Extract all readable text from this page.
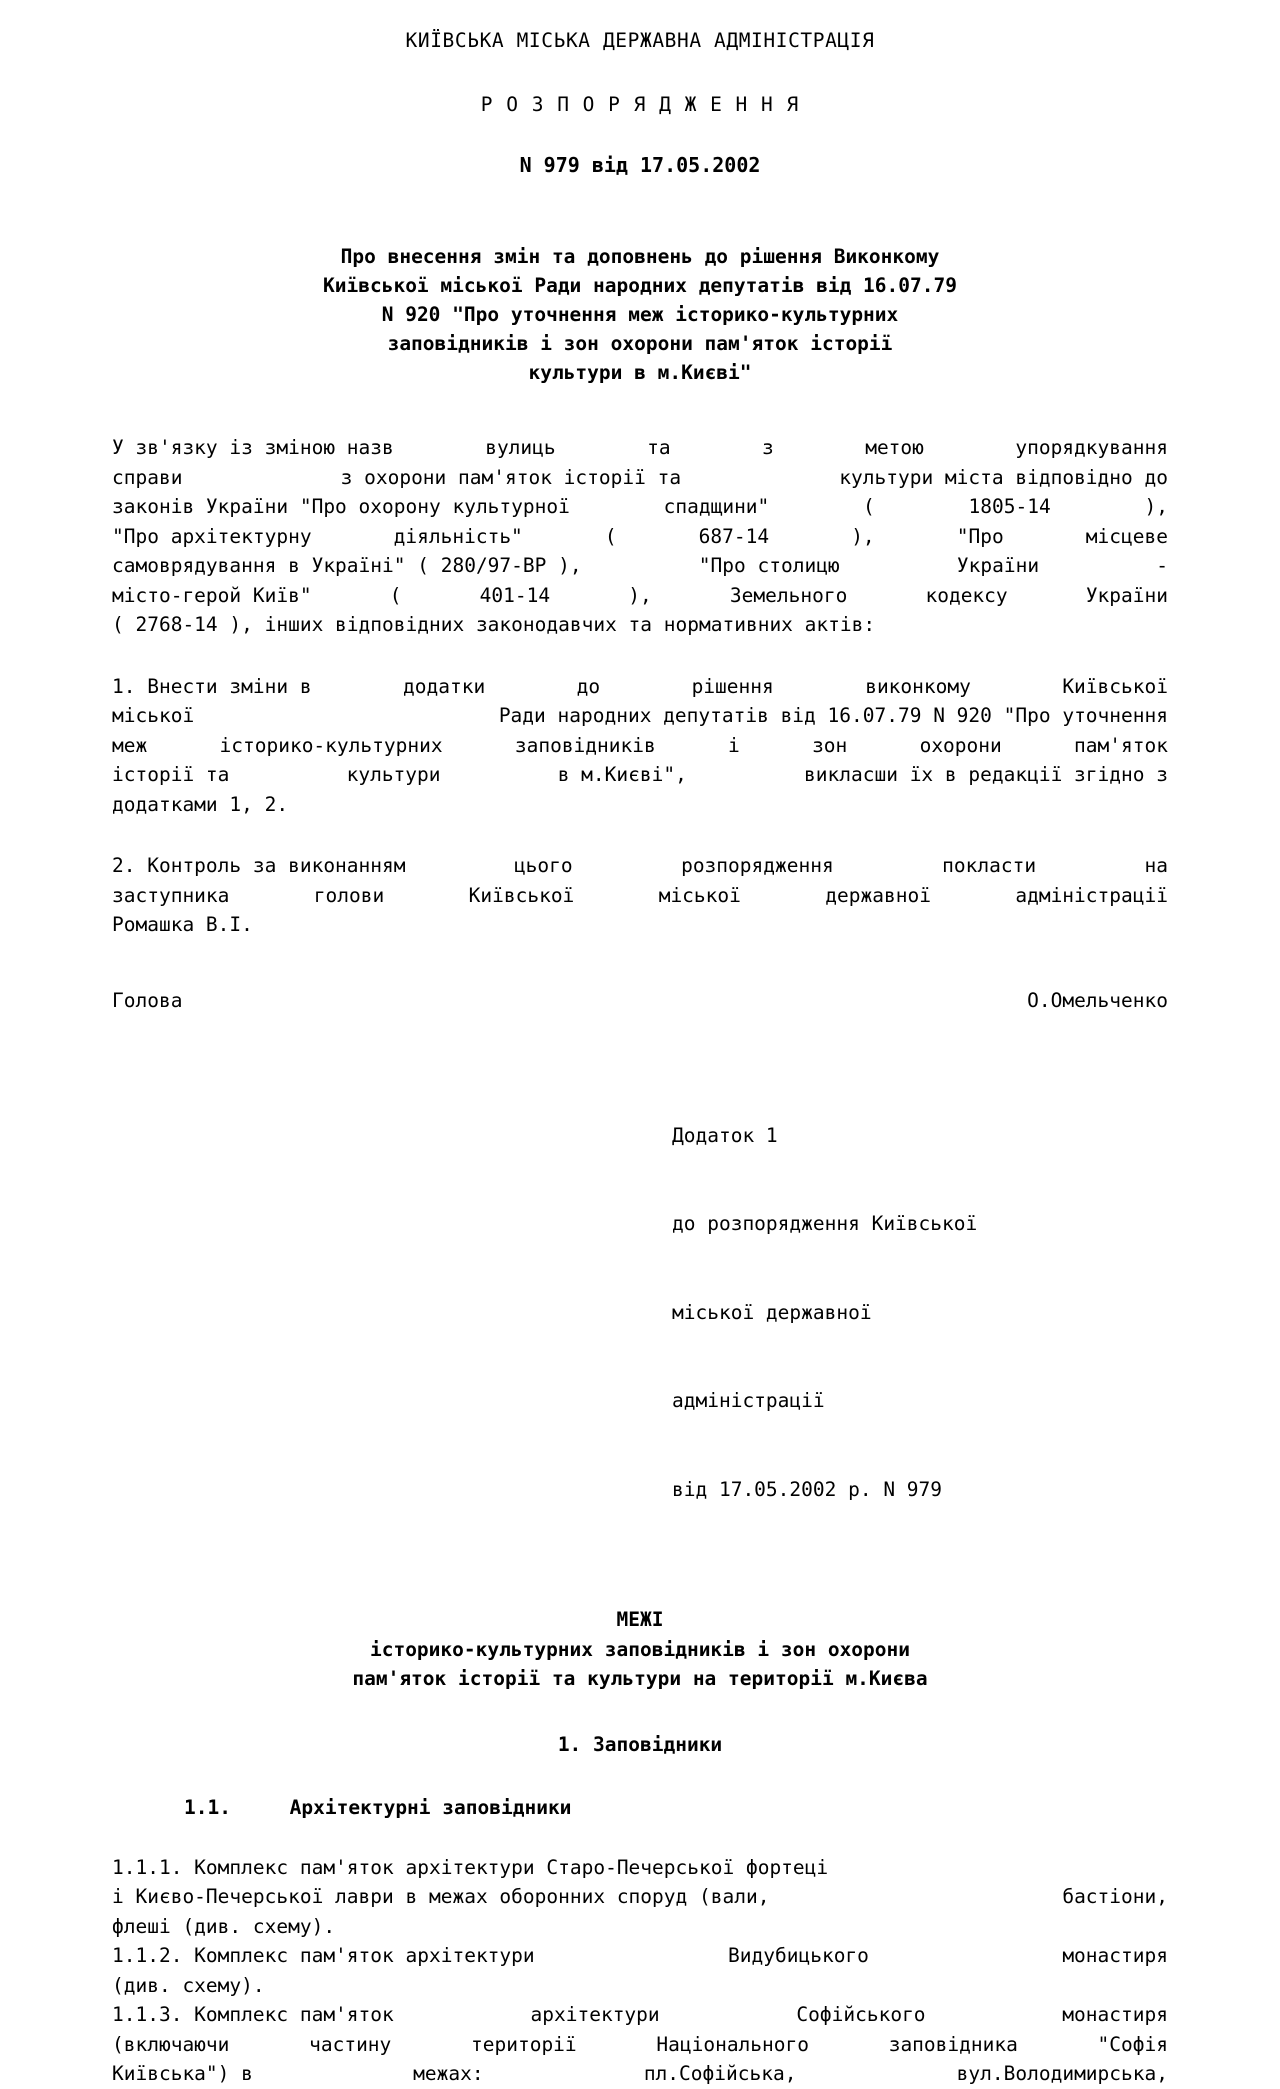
КИЇВСЬКА МІСЬКА ДЕРЖАВНА АДМІНІСТРАЦІЯ
Р О З П О Р Я Д Ж Е Н Н Я
N 979 від 17.05.2002
Про внесення змін та доповнень до рішення Виконкому
Київської міської Ради народних депутатів від 16.07.79
N 920 "Про уточнення меж історико-культурних
заповідників і зон охорони пам'яток історії
культури в м.Києві"
У зв'язку із зміною назв	вулиць	та	з	метою	упорядкування
справи	з охорони пам'яток історії та	культури міста відповідно до
законів України "Про охорону культурної	спадщини"	(	1805-14	),
"Про архітектурну	діяльність"	(	687-14	),	"Про	місцеве
самоврядування в Україні" ( 280/97-ВР ),	"Про столицю	України	-
місто-герой Київ"	(	401-14	),	Земельного	кодексу	України
( 2768-14 ), інших відповідних законодавчих та нормативних актів:
1. Внести зміни в	додатки	до	рішення	виконкому	Київської
міської	Ради народних депутатів від 16.07.79 N 920 "Про уточнення
меж	історико-культурних	заповідників	і	зон	охорони	пам'яток
історії та	культури	в м.Києві",	викласши їх в редакції згідно з
додатками 1, 2.
2. Контроль за виконанням	цього	розпорядження	покласти	на
заступника	голови	Київської	міської	державної	адміністрації
Ромашка В.І.
Голова	О.Омельченко

Додаток 1

до розпорядження Київської

міської державної

адміністрації

від 17.05.2002 р. N 979

МЕЖІ
історико-культурних заповідників і зон охорони
пам'яток історії та культури на території м.Києва
1. Заповідники
1.1.     Архітектурні заповідники
1.1.1. Комплекс пам'яток архітектури Старо-Печерської фортеці
і Києво-Печерської лаври в межах оборонних споруд (вали,	бастіони,
флеші (див. схему).
1.1.2. Комплекс пам'яток архітектури	Видубицького	монастиря
(див. схему).
1.1.3. Комплекс пам'яток	архітектури	Софійського	монастиря
(включаючи	частину	території	Національного	заповідника	"Софія
Київська") в	межах:	пл.Софійська,	вул.Володимирська,
